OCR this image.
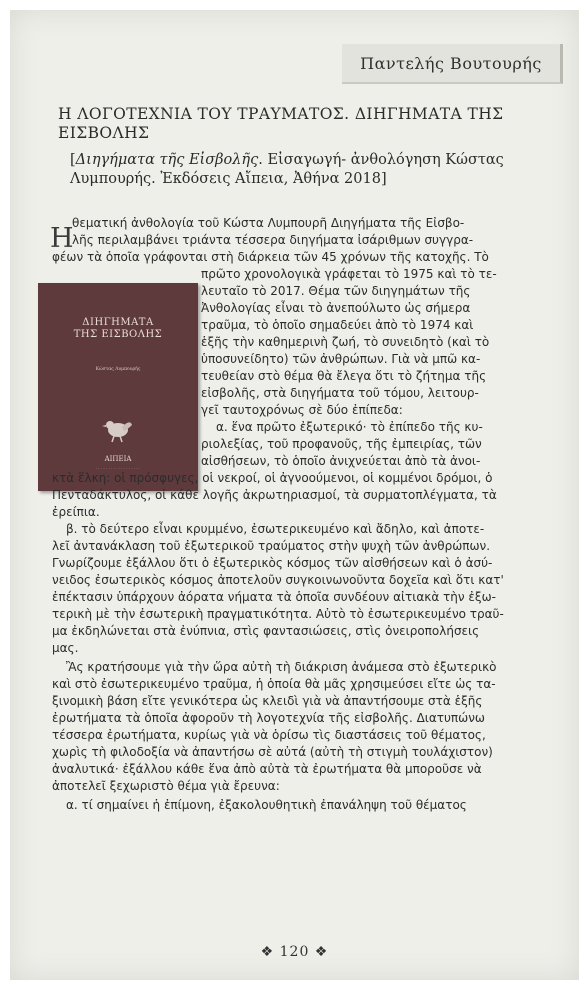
Παντελής Βουτουρής
Η ΛΟΓΟΤΕΧΝΙΑ ΤΟΥ ΤΡΑΥΜΑΤΟΣ. ΔΙΗΓΗΜΑΤΑ ΤΗΣ ΕΙΣΒΟΛΗΣ

[Διηγήματα τῆς Εἰσβολῆς. Εἰσαγωγή- ἀνθολόγηση Κώστας Λυμπουρής. Ἐκδόσεις Αἴπεια, Ἀθήνα 2018]

ΔΙΗΓΗΜΑΤΑ
ΤΗΣ ΕΙΣΒΟΛΗΣ
Κώστας Λυμπουρής
ΑΙΠΕΙΑ
· · · · · · · · · · · · · · · · · ·
Η
θεματική ἀνθολογία τοῦ Κώστα Λυμπουρῆ Διηγήματα τῆς Εἰσβο-
λῆς περιλαμβάνει τριάντα τέσσερα διηγήματα ἰσάριθμων συγγρα-
φέων τὰ ὁποῖα γράφονται στὴ διάρκεια τῶν 45 χρόνων τῆς κατοχῆς. Τὸ
πρῶτο χρονολογικὰ γράφεται τὸ 1975 καὶ τὸ τε-
λευταῖο τὸ 2017. Θέμα τῶν διηγημάτων τῆς
Ἀνθολογίας εἶναι τὸ ἀνεπούλωτο ὡς σήμερα
τραῦμα, τὸ ὁποῖο σημαδεύει ἀπὸ τὸ 1974 καὶ
ἑξῆς τὴν καθημερινὴ ζωή, τὸ συνειδητὸ (καὶ τὸ
ὑποσυνείδητο) τῶν ἀνθρώπων. Γιὰ νὰ μπῶ κα-
τευθείαν στὸ θέμα θὰ ἔλεγα ὅτι τὸ ζήτημα τῆς
εἰσβολῆς, στὰ διηγήματα τοῦ τόμου, λειτουρ-
γεῖ ταυτοχρόνως σὲ δύο ἐπίπεδα:
α. ἕνα πρῶτο ἐξωτερικό· τὸ ἐπίπεδο τῆς κυ-
ριολεξίας, τοῦ προφανοῦς, τῆς ἐμπειρίας, τῶν
αἰσθήσεων, τὸ ὁποῖο ἀνιχνεύεται ἀπὸ τὰ ἀνοι-
κτὰ ἕλκη: οἱ πρόσφυγες, οἱ νεκροί, οἱ ἀγνοούμενοι, οἱ κομμένοι δρόμοι, ὁ
Πενταδάκτυλος, οἱ κάθε λογῆς ἀκρωτηριασμοί, τὰ συρματοπλέγματα, τὰ
ἐρείπια.
β. τὸ δεύτερο εἶναι κρυμμένο, ἐσωτερικευμένο καὶ ἄδηλο, καὶ ἀποτε-
λεῖ ἀντανάκλαση τοῦ ἐξωτερικοῦ τραύματος στὴν ψυχὴ τῶν ἀνθρώπων.
Γνωρίζουμε ἐξάλλου ὅτι ὁ ἐξωτερικὸς κόσμος τῶν αἰσθήσεων καὶ ὁ ἀσύ-
νειδος ἐσωτερικὸς κόσμος ἀποτελοῦν συγκοινωνοῦντα δοχεῖα καὶ ὅτι κατ'
ἐπέκτασιν ὑπάρχουν ἀόρατα νήματα τὰ ὁποῖα συνδέουν αἰτιακὰ τὴν ἐξω-
τερικὴ μὲ τὴν ἐσωτερικὴ πραγματικότητα. Αὐτὸ τὸ ἐσωτερικευμένο τραῦ-
μα ἐκδηλώνεται στὰ ἐνύπνια, στὶς φαντασιώσεις, στὶς ὀνειροπολήσεις
μας.
Ἂς κρατήσουμε γιὰ τὴν ὥρα αὐτὴ τὴ διάκριση ἀνάμεσα στὸ ἐξωτερικὸ
καὶ στὸ ἐσωτερικευμένο τραῦμα, ἡ ὁποία θὰ μᾶς χρησιμεύσει εἴτε ὡς τα-
ξινομικὴ βάση εἴτε γενικότερα ὡς κλειδὶ γιὰ νὰ ἀπαντήσουμε στὰ ἑξῆς
ἐρωτήματα τὰ ὁποῖα ἀφοροῦν τὴ λογοτεχνία τῆς εἰσβολῆς. Διατυπώνω
τέσσερα ἐρωτήματα, κυρίως γιὰ νὰ ὁρίσω τὶς διαστάσεις τοῦ θέματος,
χωρὶς τὴ φιλοδοξία νὰ ἀπαντήσω σὲ αὐτά (αὐτὴ τὴ στιγμὴ τουλάχιστον)
ἀναλυτικά· ἐξάλλου κάθε ἕνα ἀπὸ αὐτὰ τὰ ἐρωτήματα θὰ μποροῦσε νὰ
ἀποτελεῖ ξεχωριστὸ θέμα γιὰ ἔρευνα:
α. τί σημαίνει ἡ ἐπίμονη, ἐξακολουθητικὴ ἐπανάληψη τοῦ θέματος
❖ 120 ❖
